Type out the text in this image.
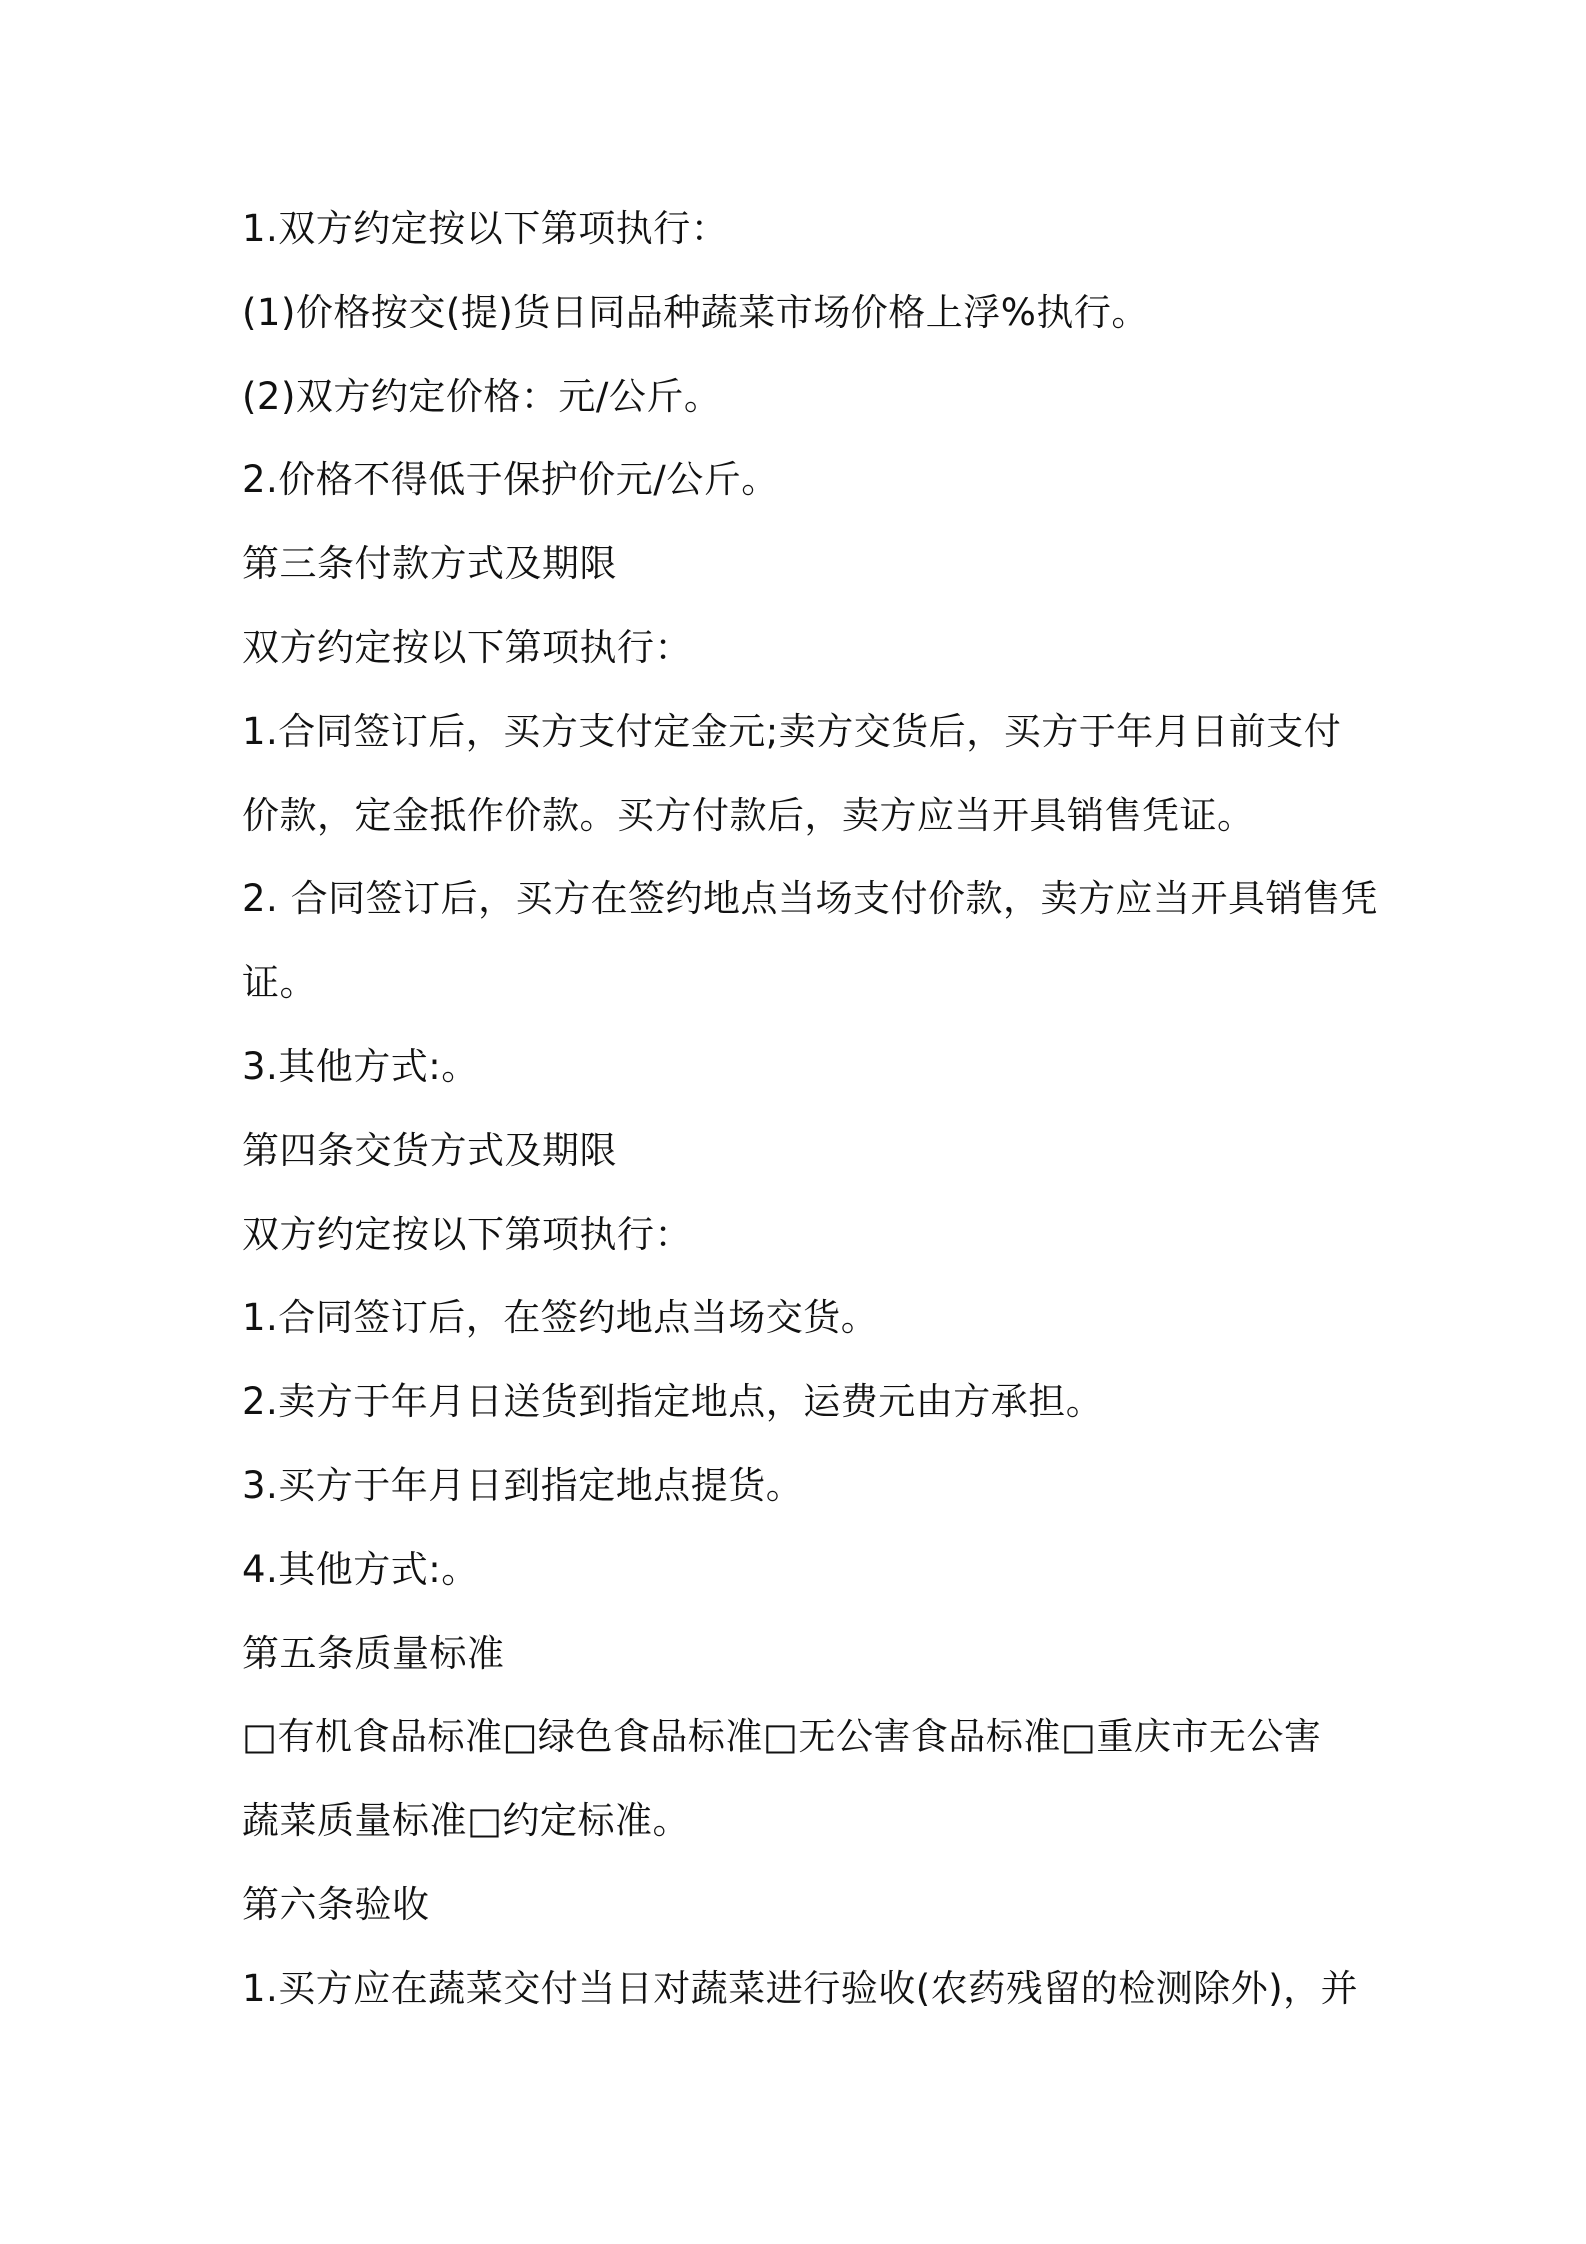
1.双方约定按以下第项执行：
(1)价格按交(提)货日同品种蔬菜市场价格上浮%执行。
(2)双方约定价格：元/公斤。
2.价格不得低于保护价元/公斤。
第三条付款方式及期限
双方约定按以下第项执行：
1.合同签订后，买方支付定金元;卖方交货后，买方于年月日前支付
价款，定金抵作价款。买方付款后，卖方应当开具销售凭证。
2. 合同签订后，买方在签约地点当场支付价款，卖方应当开具销售凭
证。
3.其他方式:。
第四条交货方式及期限
双方约定按以下第项执行：
1.合同签订后，在签约地点当场交货。
2.卖方于年月日送货到指定地点，运费元由方承担。
3.买方于年月日到指定地点提货。
4.其他方式:。
第五条质量标准
□有机食品标准□绿色食品标准□无公害食品标准□重庆市无公害
蔬菜质量标准□约定标准。
第六条验收
1.买方应在蔬菜交付当日对蔬菜进行验收(农药残留的检测除外)，并
